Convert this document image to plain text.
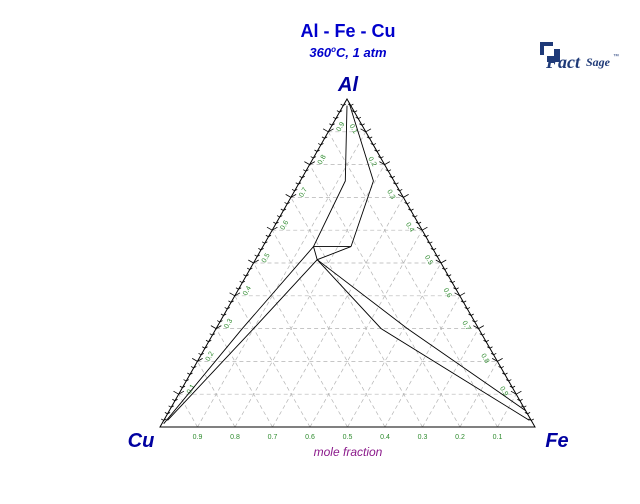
Al - Fe - Cu
360$^o$C, 1 atm	Fact Sage ™
0.9	0.8	0.7	0.6	0.5	0.4	0.3	0.2	0.1
0.1
0.2
0.3
0.4
0.5
0.6
0.7
0.8
0.9 0.1
0.2
0.3
0.4
0.5
0.6
0.7
0.8
0.9
Al
Cu	Fe
mole fraction
